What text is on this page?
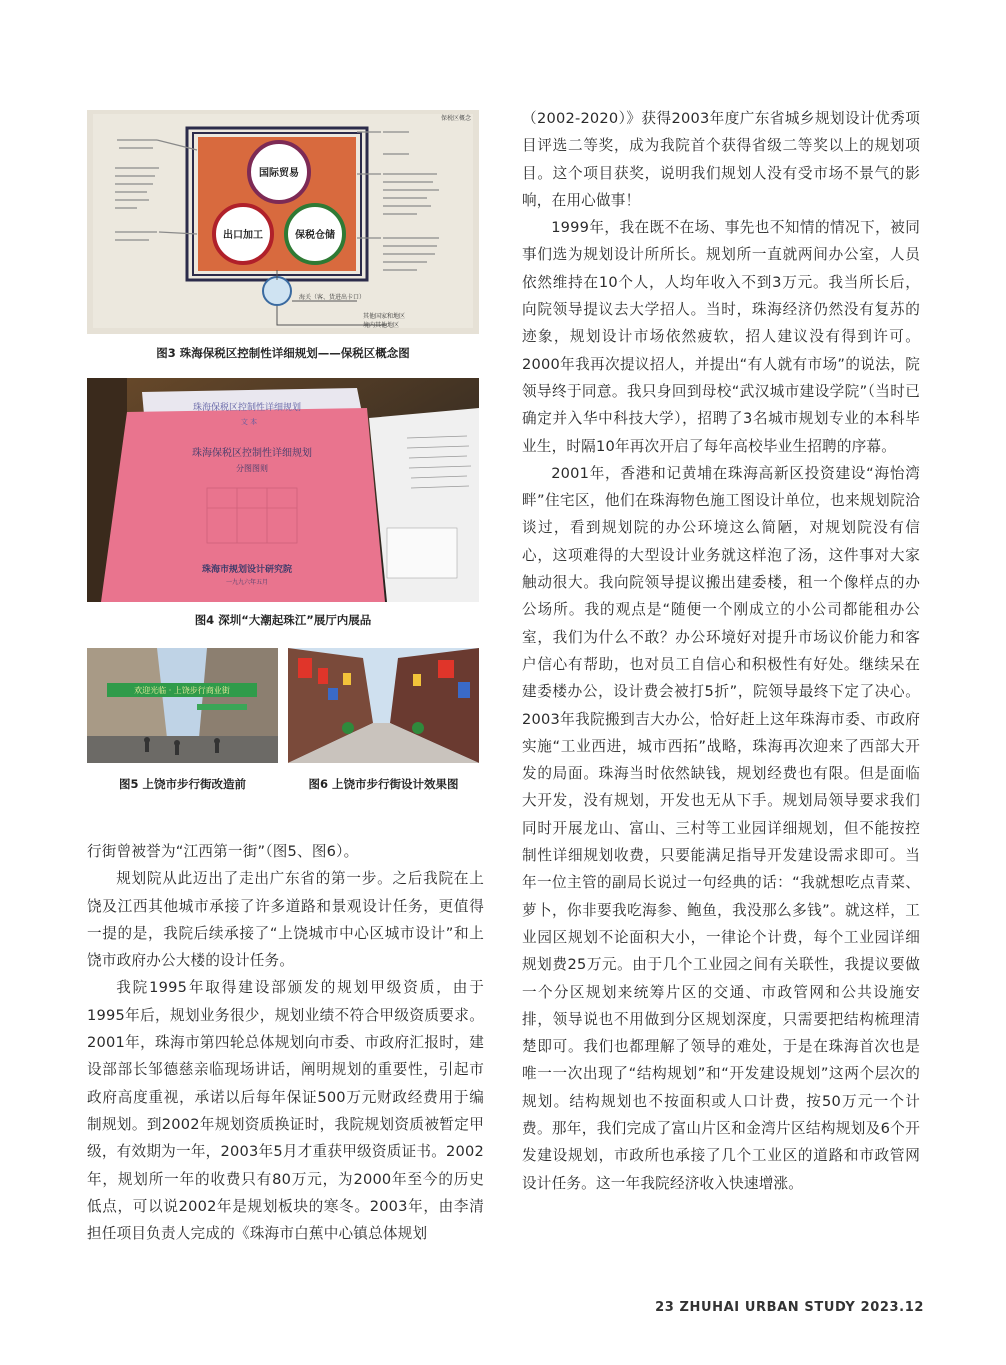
国际贸易
出口加工	保税仓储
海关（客、货进出卡口）
其他国家和地区
境内其他地区
保税区概念
图3 珠海保税区控制性详细规划——保税区概念图
珠海保税区控制性详细规划
文 本
珠海保税区控制性详细规划
分图图则
珠海市规划设计研究院
一九九六年五月
图4 深圳“大潮起珠江”展厅内展品
欢迎光临 · 上饶步行商业街
图5 上饶市步行街改造前	图6 上饶市步行街设计效果图

行街曾被誉为“江西第一街”（图5、图6）。

规划院从此迈出了走出广东省的第一步。之后我院在上饶及江西其他城市承接了许多道路和景观设计任务，更值得一提的是，我院后续承接了“上饶城市中心区城市设计”和上饶市政府办公大楼的设计任务。

我院1995年取得建设部颁发的规划甲级资质，由于1995年后，规划业务很少，规划业绩不符合甲级资质要求。2001年，珠海市第四轮总体规划向市委、市政府汇报时，建设部部长邹德慈亲临现场讲话，阐明规划的重要性，引起市政府高度重视，承诺以后每年保证500万元财政经费用于编制规划。到2002年规划资质换证时，我院规划资质被暂定甲级，有效期为一年，2003年5月才重获甲级资质证书。2002年，规划所一年的收费只有80万元，为2000年至今的历史低点，可以说2002年是规划板块的寒冬。2003年，由李清担任项目负责人完成的《珠海市白蕉中心镇总体规划

（2002-2020）》获得2003年度广东省城乡规划设计优秀项目评选二等奖，成为我院首个获得省级二等奖以上的规划项目。这个项目获奖，说明我们规划人没有受市场不景气的影响，在用心做事！

1999年，我在既不在场、事先也不知情的情况下，被同事们选为规划设计所所长。规划所一直就两间办公室，人员依然维持在10个人，人均年收入不到3万元。我当所长后，向院领导提议去大学招人。当时，珠海经济仍然没有复苏的迹象，规划设计市场依然疲软，招人建议没有得到许可。2000年我再次提议招人，并提出“有人就有市场”的说法，院领导终于同意。我只身回到母校“武汉城市建设学院”（当时已确定并入华中科技大学），招聘了3名城市规划专业的本科毕业生，时隔10年再次开启了每年高校毕业生招聘的序幕。

2001年，香港和记黄埔在珠海高新区投资建设“海怡湾畔”住宅区，他们在珠海物色施工图设计单位，也来规划院洽谈过，看到规划院的办公环境这么简陋，对规划院没有信心，这项难得的大型设计业务就这样泡了汤，这件事对大家触动很大。我向院领导提议搬出建委楼，租一个像样点的办公场所。我的观点是“随便一个刚成立的小公司都能租办公室，我们为什么不敢？办公环境好对提升市场议价能力和客户信心有帮助，也对员工自信心和积极性有好处。继续呆在建委楼办公，设计费会被打5折”，院领导最终下定了决心。2003年我院搬到吉大办公，恰好赶上这年珠海市委、市政府实施“工业西进，城市西拓”战略，珠海再次迎来了西部大开发的局面。珠海当时依然缺钱，规划经费也有限。但是面临大开发，没有规划，开发也无从下手。规划局领导要求我们同时开展龙山、富山、三村等工业园详细规划，但不能按控制性详细规划收费，只要能满足指导开发建设需求即可。当年一位主管的副局长说过一句经典的话：“我就想吃点青菜、萝卜，你非要我吃海参、鲍鱼，我没那么多钱”。就这样，工业园区规划不论面积大小，一律论个计费，每个工业园详细规划费25万元。由于几个工业园之间有关联性，我提议要做一个分区规划来统筹片区的交通、市政管网和公共设施安排，领导说也不用做到分区规划深度，只需要把结构梳理清楚即可。我们也都理解了领导的难处，于是在珠海首次也是唯一一次出现了“结构规划”和“开发建设规划”这两个层次的规划。结构规划也不按面积或人口计费，按50万元一个计费。那年，我们完成了富山片区和金湾片区结构规划及6个开发建设规划，市政所也承接了几个工业区的道路和市政管网设计任务。这一年我院经济收入快速增涨。

23 ZHUHAI URBAN STUDY 2023.12
